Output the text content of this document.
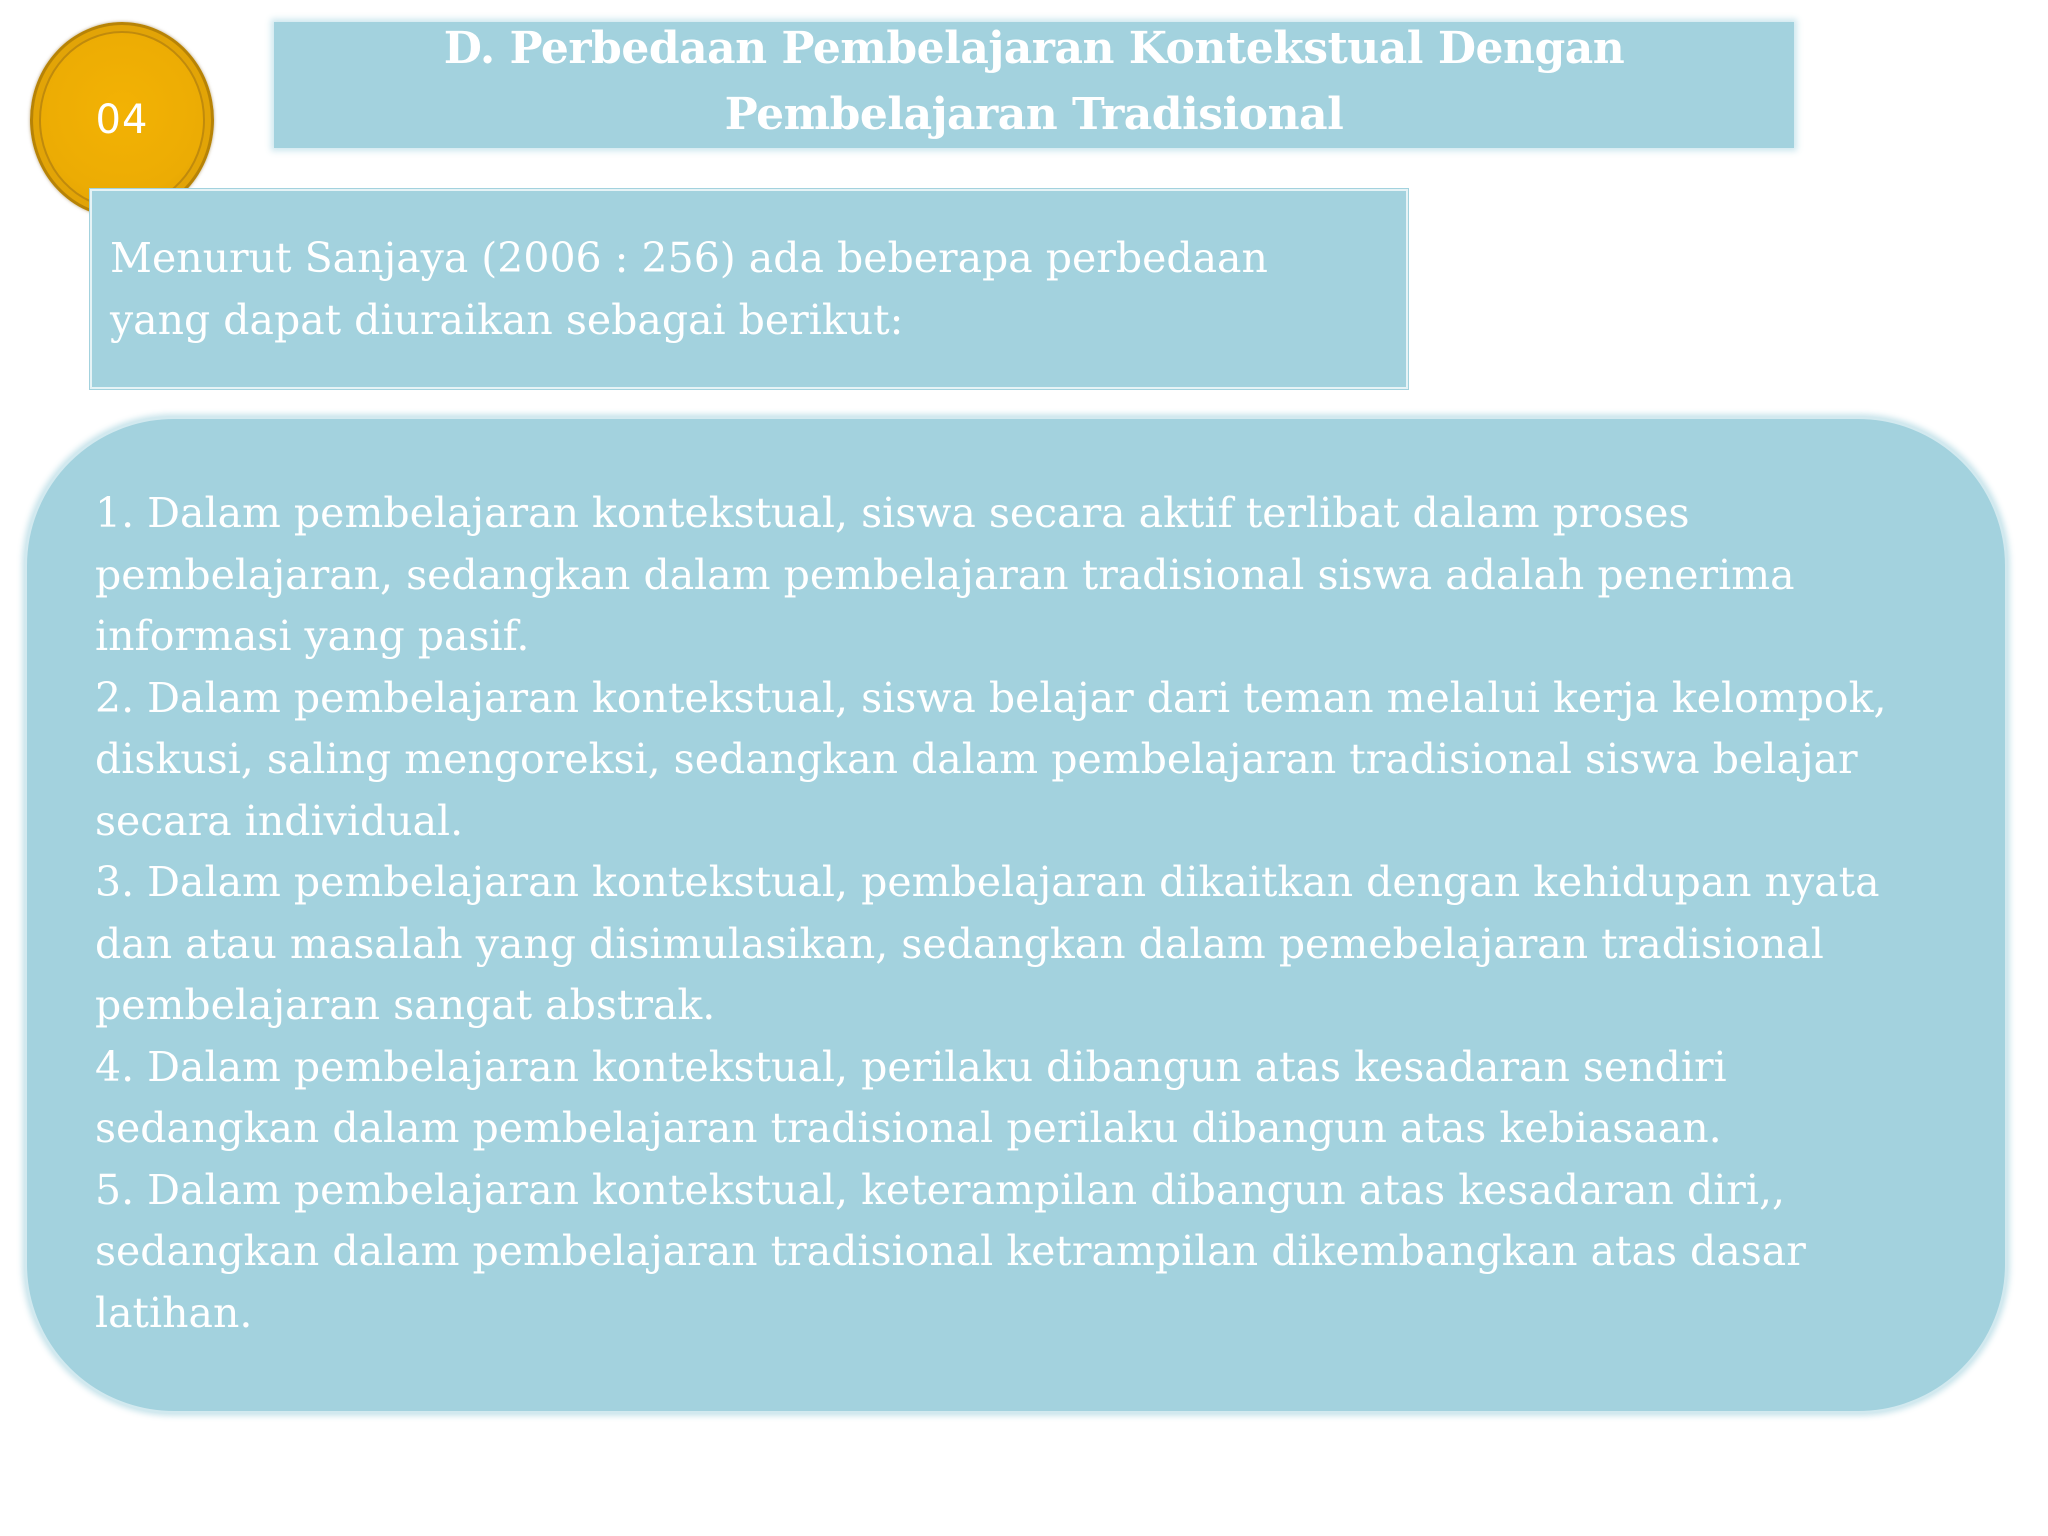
D. Perbedaan Pembelajaran Kontekstual Dengan Pembelajaran Tradisional
04
Menurut Sanjaya (2006 : 256) ada beberapa perbedaan
yang dapat diuraikan sebagai berikut:

1. Dalam pembelajaran kontekstual, siswa secara aktif terlibat dalam proses pembelajaran, sedangkan dalam pembelajaran tradisional siswa adalah penerima informasi yang pasif.

2. Dalam pembelajaran kontekstual, siswa belajar dari teman melalui kerja kelompok, diskusi, saling mengoreksi, sedangkan dalam pembelajaran tradisional siswa belajar secara individual.

3. Dalam pembelajaran kontekstual, pembelajaran dikaitkan dengan kehidupan nyata dan atau masalah yang disimulasikan, sedangkan dalam pemebelajaran tradisional pembelajaran sangat abstrak.

4. Dalam pembelajaran kontekstual, perilaku dibangun atas kesadaran sendiri sedangkan dalam pembelajaran tradisional perilaku dibangun atas kebiasaan.

5. Dalam pembelajaran kontekstual, keterampilan dibangun atas kesadaran diri,, sedangkan dalam pembelajaran tradisional ketrampilan dikembangkan atas dasar latihan.
